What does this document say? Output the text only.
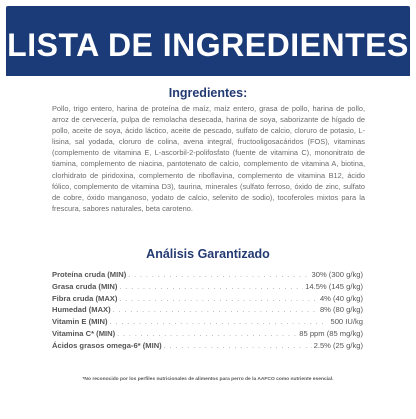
LISTA DE INGREDIENTES
Ingredientes:

Pollo, trigo entero, harina de proteína de maíz, maíz entero, grasa de pollo, harina de pollo, arroz de cervecería, pulpa de remolacha desecada, harina de soya, saborizante de hígado de pollo, aceite de soya, ácido láctico, aceite de pescado, sulfato de calcio, cloruro de potasio, L-lisina, sal yodada, cloruro de colina, avena integral, fructooligosacáridos (FOS), vitaminas (complemento de vitamina E, L-ascorbil-2-polifosfato (fuente de vitamina C), mononitrato de tiamina, complemento de niacina, pantotenato de calcio, complemento de vitamina A, biotina, clorhidrato de piridoxina, complemento de riboflavina, complemento de vitamina B12, ácido fólico, complemento de vitamina D3), taurina, minerales (sulfato ferroso, óxido de zinc, sulfato de cobre, óxido manganoso, yodato de calcio, selenito de sodio), tocoferoles mixtos para la frescura, sabores naturales, beta caroteno.

Análisis Garantizado
Proteína cruda (MIN) . . .	30% (300 g/kg)
Grasa cruda (MIN) . . .	14.5% (145 g/kg)
Fibra cruda (MAX) . . .	4% (40 g/kg)
Humedad (MAX) . . .	8% (80 g/kg)
Vitamin E (MIN) . . .	500 IU/kg
Vitamina C* (MIN) . . .	85 ppm (85 mg/kg)
Ácidos grasos omega-6* (MIN) . . .	2.5% (25 g/kg)
*No reconocido por los perfiles nutricionales de alimentos para perro de la AAFCO como nutriente esencial.
